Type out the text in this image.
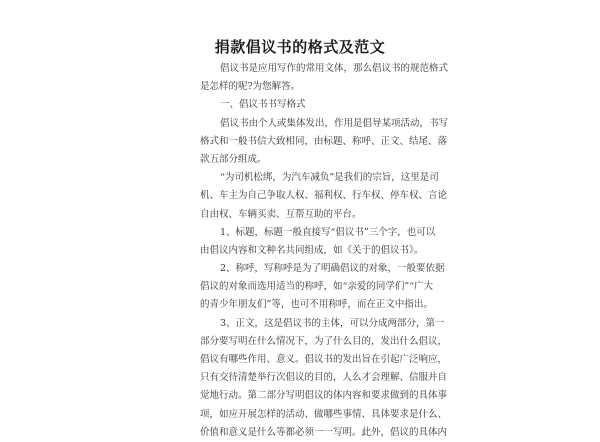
捐款倡议书的格式及范文
倡议书是应用写作的常用文体，那么倡议书的规范格式
是怎样的呢?为您解答。
一、倡议书书写格式
倡议书由个人或集体发出，作用是倡导某项活动，书写
格式和一般书信大致相同，由标题、称呼、正文、结尾、落
款五部分组成。
“为司机松绑，为汽车减负”是我们的宗旨，这里是司
机、车主为自己争取人权、福利权、行车权、停车权、言论
自由权、车辆买卖、互帮互助的平台。
1、标题，标题一般直接写“倡议书”三个字，也可以
由倡议内容和文种名共同组成，如《关于的倡议书》。
2、称呼，写称呼是为了明确倡议的对象，一般要依据
倡议的对象而选用适当的称呼，如“亲爱的同学们”“广大
的青少年朋友们”等，也可不用称呼，而在正文中指出。
3、正文，这是倡议书的主体，可以分成两部分，第一
部分要写明在什么情况下，为了什么目的，发出什么倡议，
倡议有哪些作用、意义。倡议书的发出旨在引起广泛响应，
只有交待清楚举行次倡议的目的，人么才会理解、信服并自
觉地行动。第二部分写明倡议的体内容和要求做到的具体事
项，如应开展怎样的活动、做哪些事情、具体要求是什么、
价值和意义是什么等都必须一一写明。此外，倡议的具体内
